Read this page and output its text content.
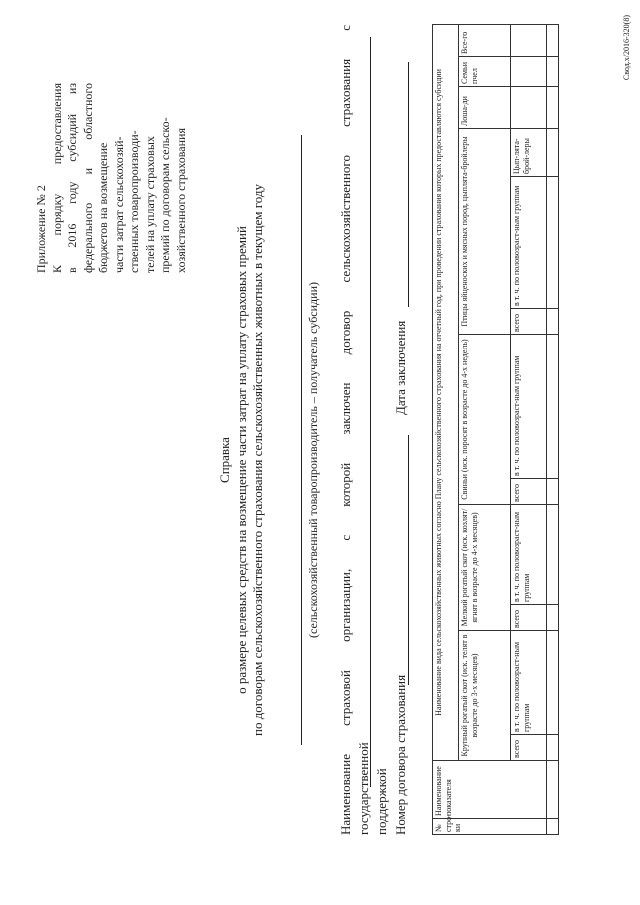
Приложение № 2 К порядку предоставления в 2016 году субсидий из федерального и областного бюджетов на возмещение части затрат сельскохозяй- ственных товаропроизводи- телей на уплату страховых премий по договорам сельско- хозяйственного страхования
Справка о размере целевых средств на возмещение части затрат на уплату страховых премий по договорам сельскохозяйственного страхования сельскохозяйственных животных в текущем году	(сельскохозяйственный товаропроизводитель – получатель субсидии) Наименование страховой организации, с которой заключен договор сельскохозяйственного страхования с государственной поддержкой Номер договора страхования
Дата заключения
№ стро-ки	Наименование показателя	Наименование вида сельскохозяйственных животных согласно Плану сельскохозяйственного страхования на отчетный год, при проведении страхования которых предоставляются субсидии											
		Крупный рогатый скот (иск. телят в возрасте до 3-х месяцев)		Мелкий рогатый скот (иск. козлят/ягнят в возрасте до 4-х месяцев)		Свиньи (иск. поросят в возрасте до 4-х недель)		Птицы яйценоских и мясных пород, цыплята-бройлеры			Лоша-ди	Семьи пчел	Все-го
		всего	в т. ч. по половозраст-ным группам	всего	в т. ч. по половозраст-ным группам	всего	в т. ч. по половозраст-ным группам	всего	в т. ч. по половозраст-ным группам	Цып-лята-брой-леры			

Свод.х/2016-320(8)
